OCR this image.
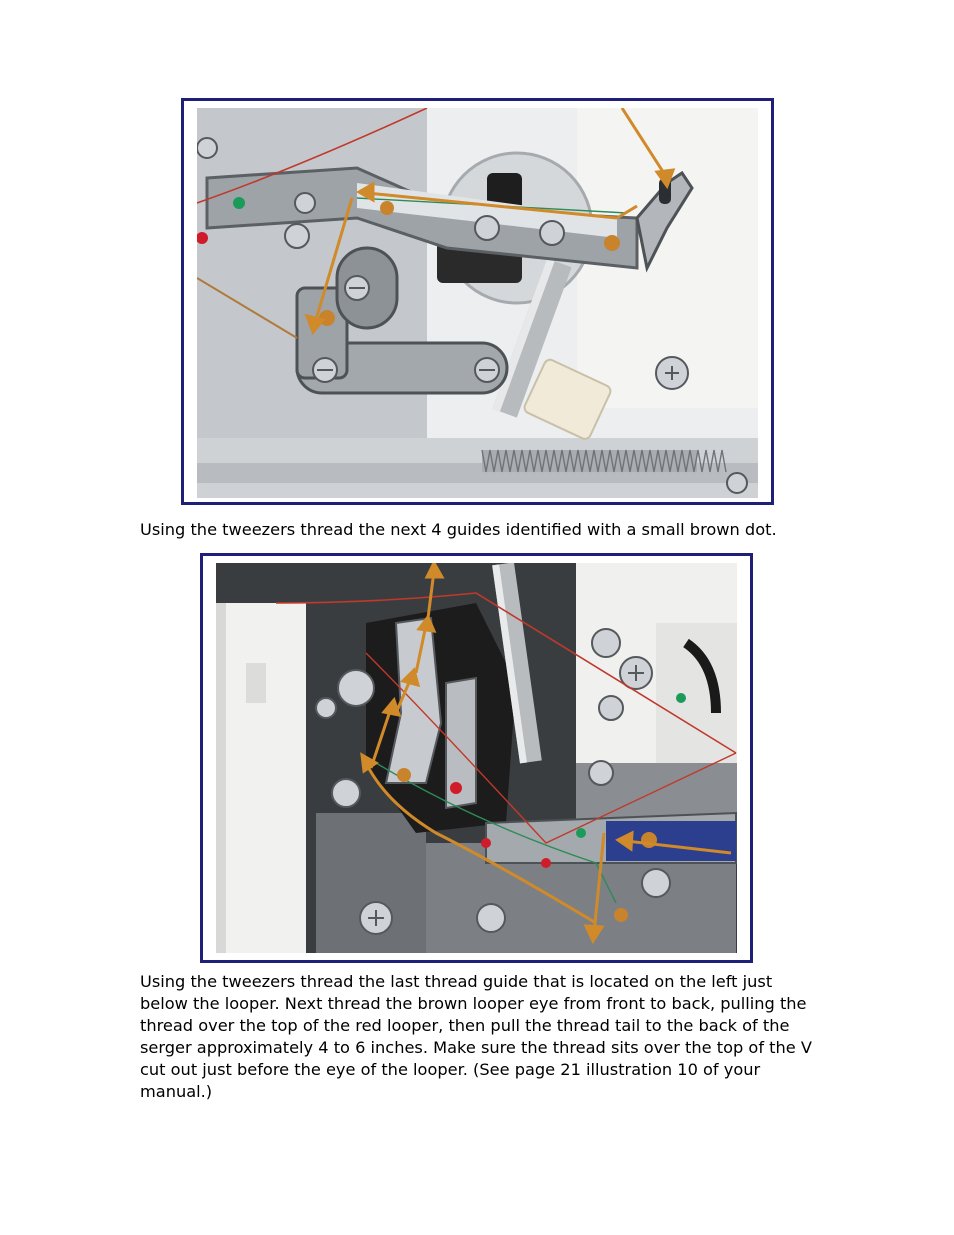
Using the tweezers thread the next 4 guides identified with a small brown dot.

Using the tweezers thread the last thread guide that is located on the left just below the looper. Next thread the brown looper eye from front to back, pulling the thread over the top of the red looper, then pull the thread tail to the back of the serger approximately 4 to 6 inches. Make sure the thread sits over the top of the V cut out just before the eye of the looper. (See page 21 illustration 10 of your manual.)
